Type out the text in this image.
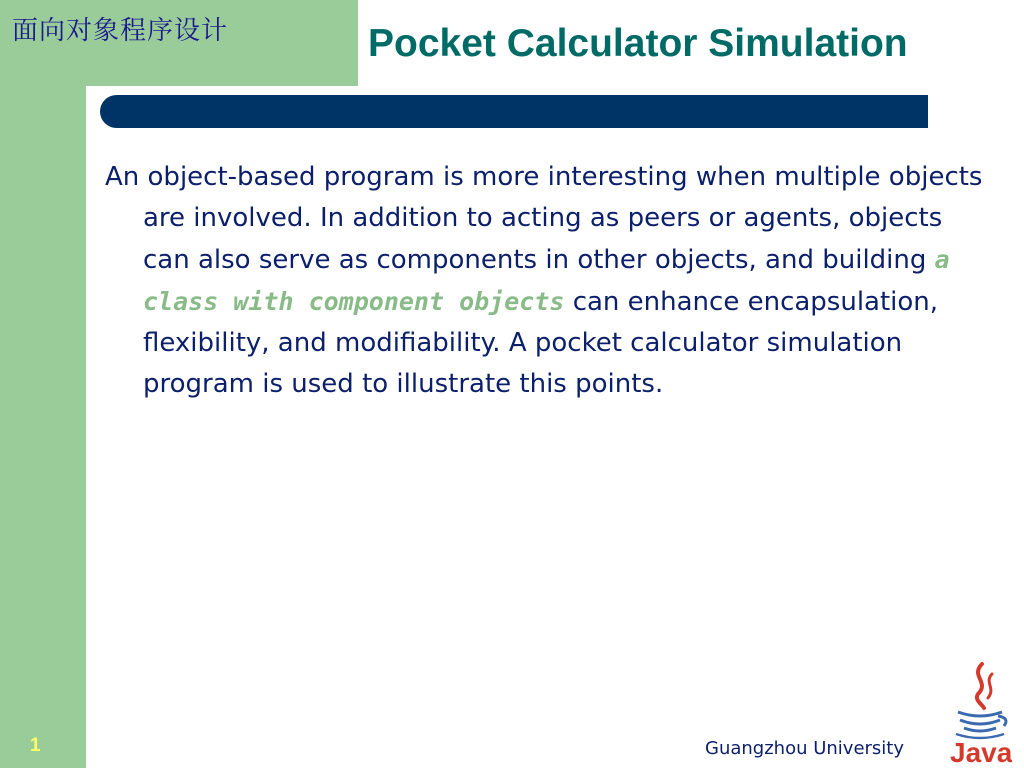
面向对象程序设计	Pocket Calculator Simulation
An object-based program is more interesting when multiple objects are involved. In addition to acting as peers or agents, objects can also serve as components in other objects, and building a class with component objects can enhance encapsulation, flexibility, and modifiability. A pocket calculator simulation program is used to illustrate this points.
1	Guangzhou University Java
